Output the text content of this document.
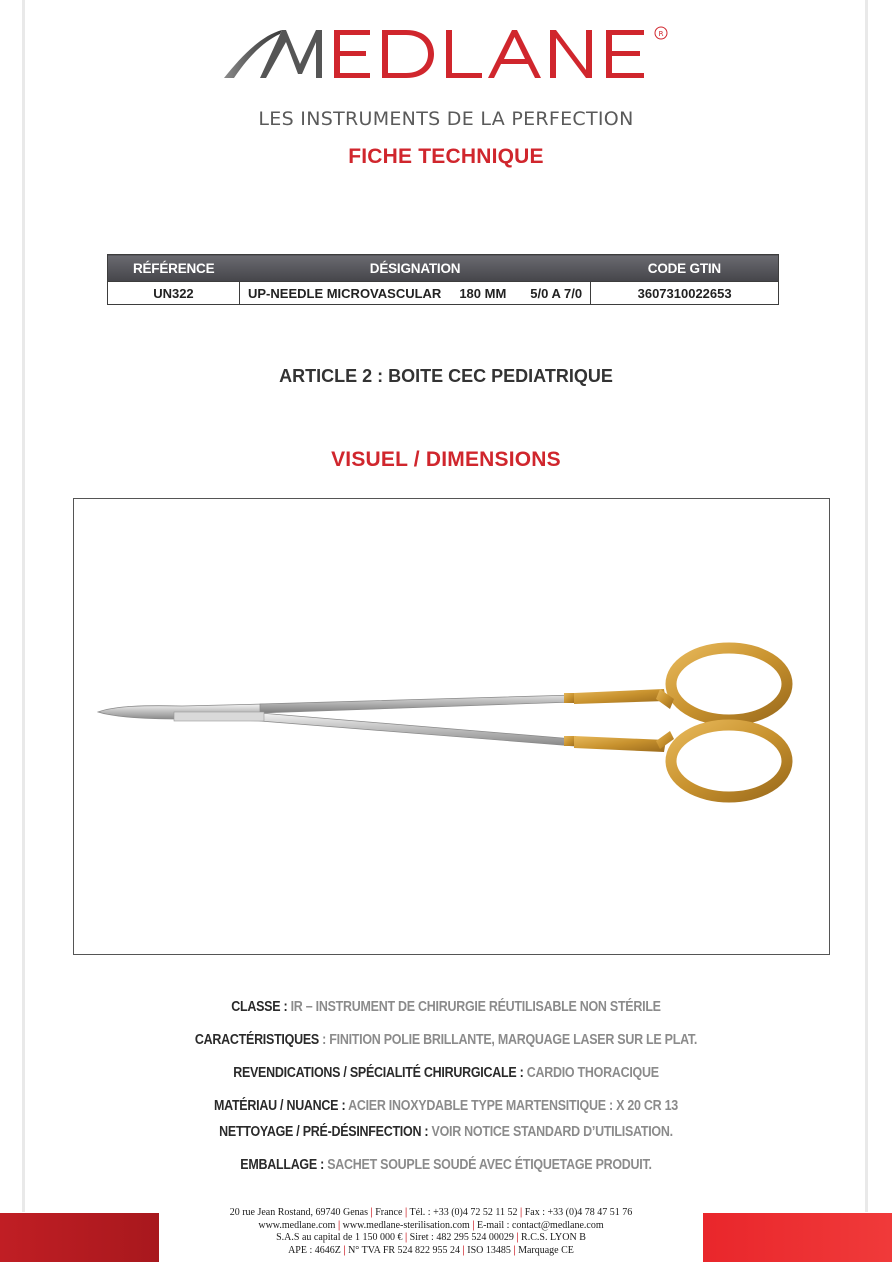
R
LES INSTRUMENTS DE LA PERFECTION
FICHE TECHNIQUE
RÉFÉRENCE	DÉSIGNATION	CODE GTIN
UN322	UP-NEEDLE MICROVASCULAR 180 MM 5/0 A 7/0	3607310022653
ARTICLE 2 : BOITE CEC PEDIATRIQUE
VISUEL / DIMENSIONS
CLASSE : IR – INSTRUMENT DE CHIRURGIE RÉUTILISABLE NON STÉRILE
CARACTÉRISTIQUES : FINITION POLIE BRILLANTE, MARQUAGE LASER SUR LE PLAT.
REVENDICATIONS / SPÉCIALITÉ CHIRURGICALE : CARDIO THORACIQUE
MATÉRIAU / NUANCE : ACIER INOXYDABLE TYPE MARTENSITIQUE : X 20 CR 13
NETTOYAGE / PRÉ-DÉSINFECTION : VOIR NOTICE STANDARD D’UTILISATION.
EMBALLAGE : SACHET SOUPLE SOUDÉ AVEC ÉTIQUETAGE PRODUIT.
20 rue Jean Rostand, 69740 Genas | France | Tél. : +33 (0)4 72 52 11 52 | Fax : +33 (0)4 78 47 51 76
www.medlane.com | www.medlane-sterilisation.com | E-mail : contact@medlane.com
S.A.S au capital de 1 150 000 € | Siret : 482 295 524 00029 | R.C.S. LYON B
APE : 4646Z | N° TVA FR 524 822 955 24 | ISO 13485 | Marquage CE
